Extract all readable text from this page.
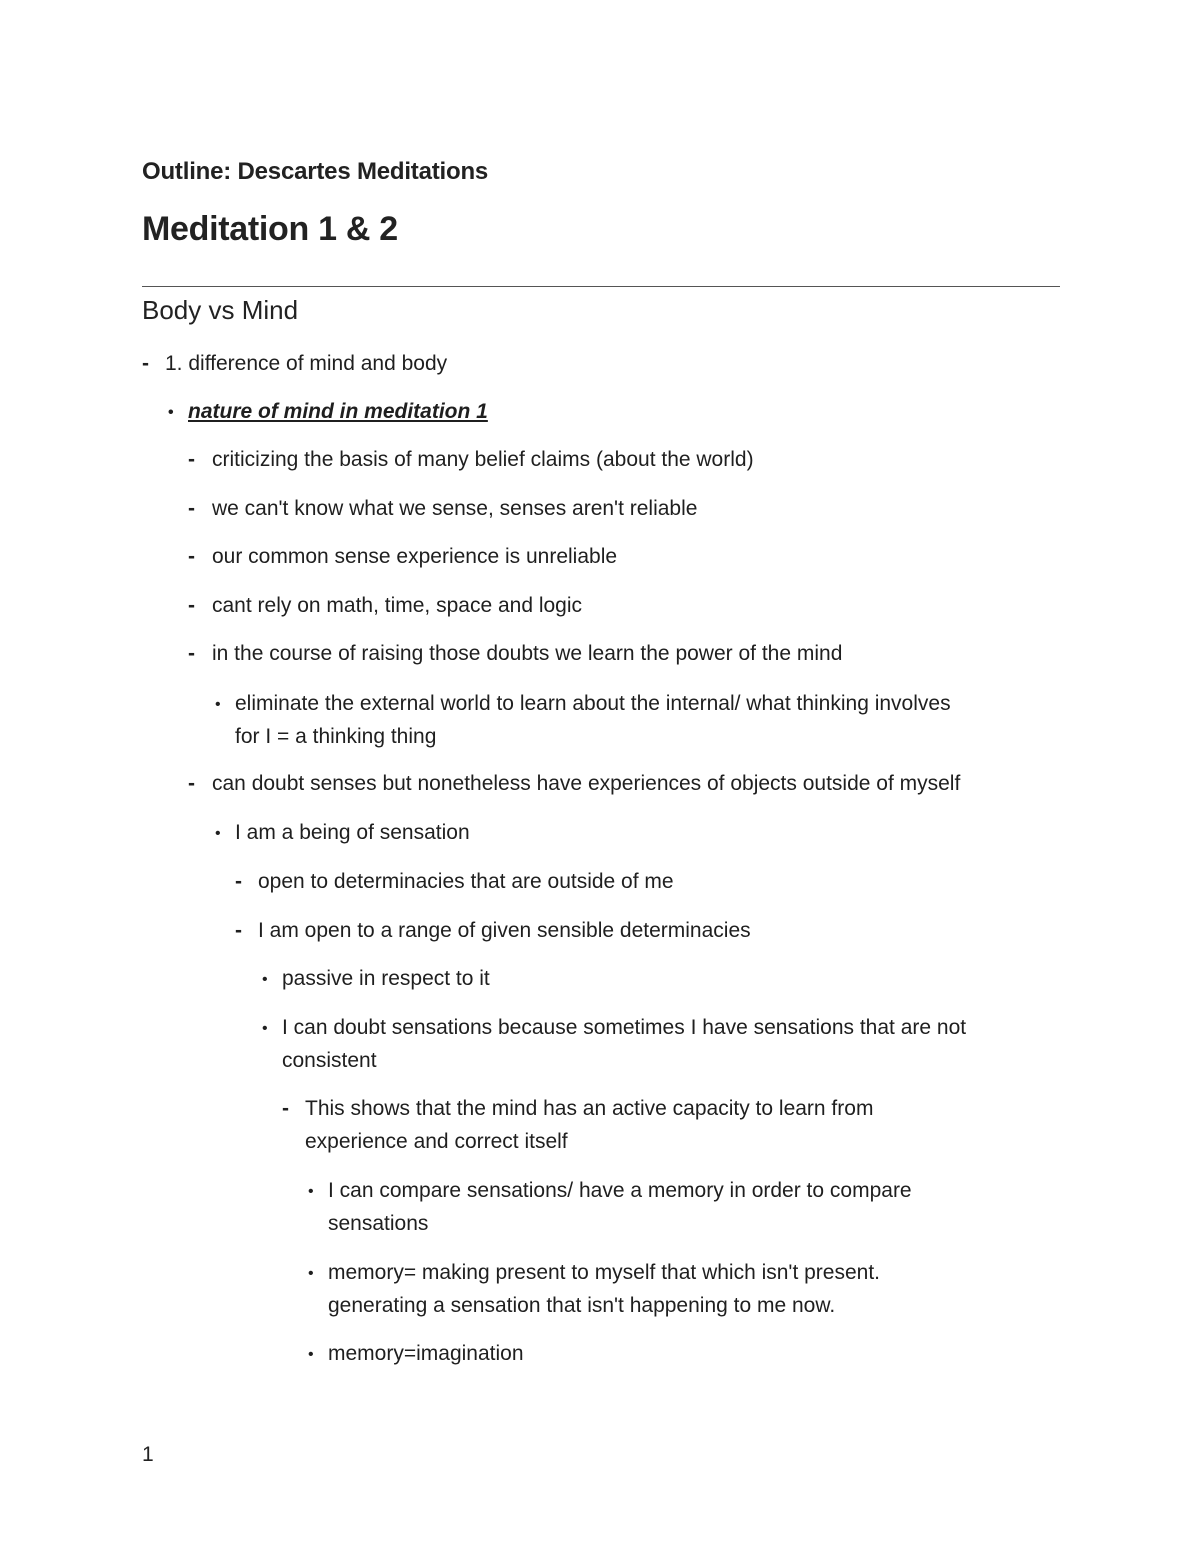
Outline: Descartes Meditations
Meditation 1 & 2
Body vs Mind
- 1. difference of mind and body
• nature of mind in meditation 1
- criticizing the basis of many belief claims (about the world)
- we can't know what we sense, senses aren't reliable
- our common sense experience is unreliable
- cant rely on math, time, space and logic
- in the course of raising those doubts we learn the power of the mind
• eliminate the external world to learn about the internal/ what thinking involves
for I = a thinking thing
- can doubt senses but nonetheless have experiences of objects outside of myself
• I am a being of sensation
- open to determinacies that are outside of me
- I am open to a range of given sensible determinacies
• passive in respect to it
• I can doubt sensations because sometimes I have sensations that are not
consistent
- This shows that the mind has an active capacity to learn from
experience and correct itself
• I can compare sensations/ have a memory in order to compare
sensations
• memory= making present to myself that which isn't present.
generating a sensation that isn't happening to me now.
• memory=imagination
1
